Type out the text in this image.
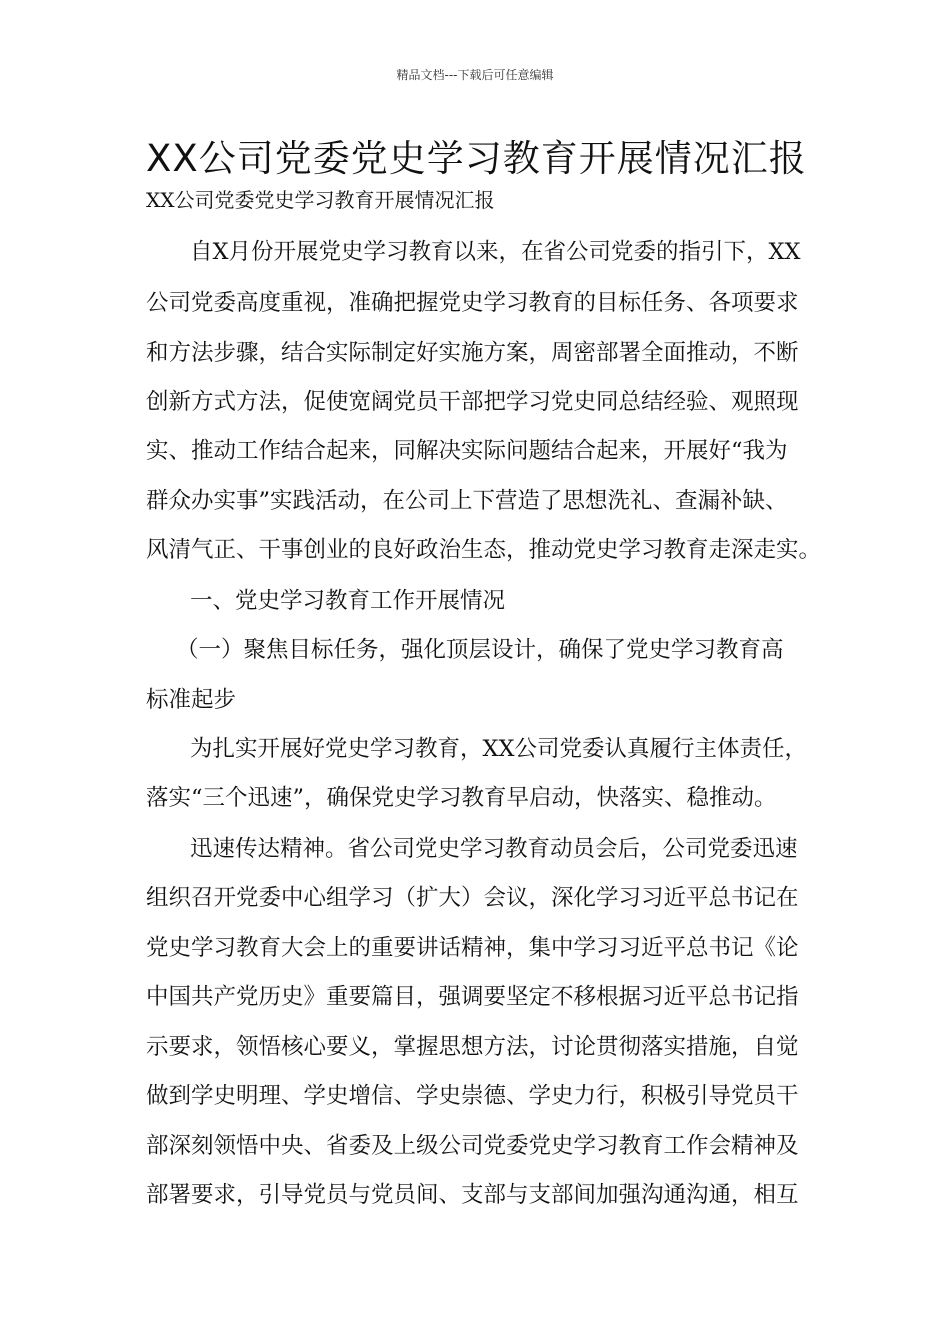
精品文档---下载后可任意编辑
XX公司党委党史学习教育开展情况汇报
XX公司党委党史学习教育开展情况汇报
自X月份开展党史学习教育以来，在省公司党委的指引下，XX
公司党委高度重视，准确把握党史学习教育的目标任务、各项要求
和方法步骤，结合实际制定好实施方案，周密部署全面推动，不断
创新方式方法，促使宽阔党员干部把学习党史同总结经验、观照现
实、推动工作结合起来，同解决实际问题结合起来，开展好“我为
群众办实事”实践活动，在公司上下营造了思想洗礼、查漏补缺、
风清气正、干事创业的良好政治生态，推动党史学习教育走深走实。
一、党史学习教育工作开展情况
（一）聚焦目标任务，强化顶层设计，确保了党史学习教育高
标准起步
为扎实开展好党史学习教育，XX公司党委认真履行主体责任，
落实“三个迅速”，确保党史学习教育早启动，快落实、稳推动。
迅速传达精神。省公司党史学习教育动员会后，公司党委迅速
组织召开党委中心组学习（扩大）会议，深化学习习近平总书记在
党史学习教育大会上的重要讲话精神，集中学习习近平总书记《论
中国共产党历史》重要篇目，强调要坚定不移根据习近平总书记指
示要求，领悟核心要义，掌握思想方法，讨论贯彻落实措施，自觉
做到学史明理、学史增信、学史崇德、学史力行，积极引导党员干
部深刻领悟中央、省委及上级公司党委党史学习教育工作会精神及
部署要求，引导党员与党员间、支部与支部间加强沟通沟通，相互
